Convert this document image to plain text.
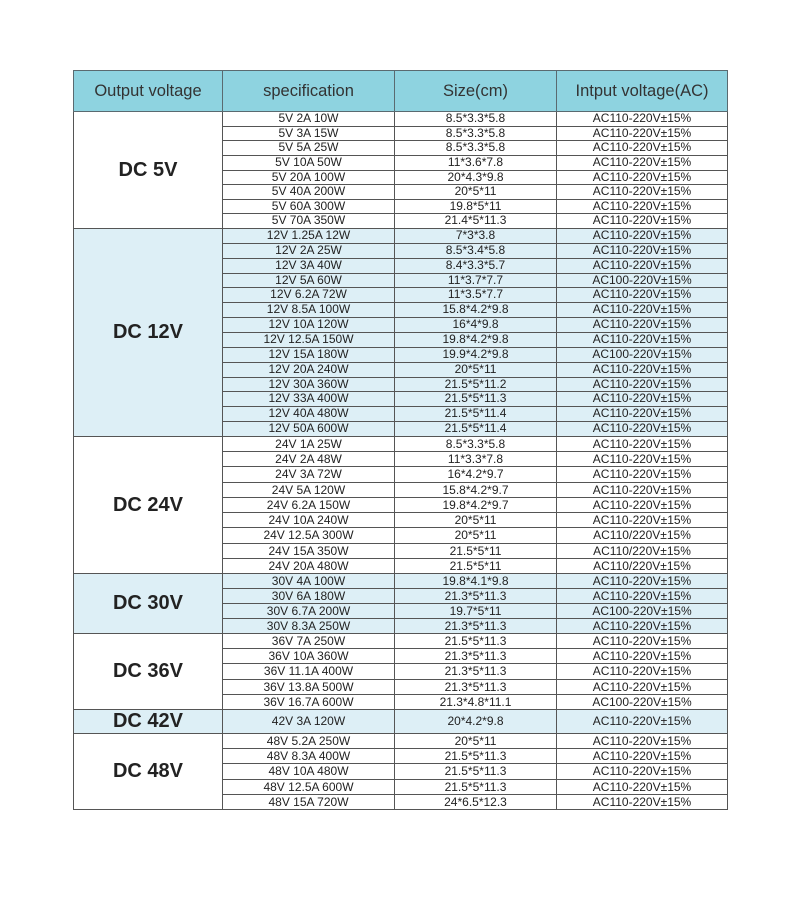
Output voltage	specification	Size(cm)	Intput voltage(AC)
DC 5V	5V 2A 10W	8.5*3.3*5.8	AC110-220V±15%
	5V 3A 15W	8.5*3.3*5.8	AC110-220V±15%
	5V 5A 25W	8.5*3.3*5.8	AC110-220V±15%
	5V 10A 50W	11*3.6*7.8	AC110-220V±15%
	5V 20A 100W	20*4.3*9.8	AC110-220V±15%
	5V 40A 200W	20*5*11	AC110-220V±15%
	5V 60A 300W	19.8*5*11	AC110-220V±15%
	5V 70A 350W	21.4*5*11.3	AC110-220V±15%
DC 12V	12V 1.25A 12W	7*3*3.8	AC110-220V±15%
	12V 2A 25W	8.5*3.4*5.8	AC110-220V±15%
	12V 3A 40W	8.4*3.3*5.7	AC110-220V±15%
	12V 5A 60W	11*3.7*7.7	AC100-220V±15%
	12V 6.2A 72W	11*3.5*7.7	AC110-220V±15%
	12V 8.5A 100W	15.8*4.2*9.8	AC110-220V±15%
	12V 10A 120W	16*4*9.8	AC110-220V±15%
	12V 12.5A 150W	19.8*4.2*9.8	AC110-220V±15%
	12V 15A 180W	19.9*4.2*9.8	AC100-220V±15%
	12V 20A 240W	20*5*11	AC110-220V±15%
	12V 30A 360W	21.5*5*11.2	AC110-220V±15%
	12V 33A 400W	21.5*5*11.3	AC110-220V±15%
	12V 40A 480W	21.5*5*11.4	AC110-220V±15%
	12V 50A 600W	21.5*5*11.4	AC110-220V±15%
DC 24V	24V 1A 25W	8.5*3.3*5.8	AC110-220V±15%
	24V 2A 48W	11*3.3*7.8	AC110-220V±15%
	24V 3A 72W	16*4.2*9.7	AC110-220V±15%
	24V 5A 120W	15.8*4.2*9.7	AC110-220V±15%
	24V 6.2A 150W	19.8*4.2*9.7	AC110-220V±15%
	24V 10A 240W	20*5*11	AC110-220V±15%
	24V 12.5A 300W	20*5*11	AC110/220V±15%
	24V 15A 350W	21.5*5*11	AC110/220V±15%
	24V 20A 480W	21.5*5*11	AC110/220V±15%
DC 30V	30V 4A 100W	19.8*4.1*9.8	AC110-220V±15%
	30V 6A 180W	21.3*5*11.3	AC110-220V±15%
	30V 6.7A 200W	19.7*5*11	AC100-220V±15%
	30V 8.3A 250W	21.3*5*11.3	AC110-220V±15%
DC 36V	36V 7A 250W	21.5*5*11.3	AC110-220V±15%
	36V 10A 360W	21.3*5*11.3	AC110-220V±15%
	36V 11.1A 400W	21.3*5*11.3	AC110-220V±15%
	36V 13.8A 500W	21.3*5*11.3	AC110-220V±15%
	36V 16.7A 600W	21.3*4.8*11.1	AC100-220V±15%
DC 42V	42V 3A 120W	20*4.2*9.8	AC110-220V±15%
DC 48V	48V 5.2A 250W	20*5*11	AC110-220V±15%
	48V 8.3A 400W	21.5*5*11.3	AC110-220V±15%
	48V 10A 480W	21.5*5*11.3	AC110-220V±15%
	48V 12.5A 600W	21.5*5*11.3	AC110-220V±15%
	48V 15A 720W	24*6.5*12.3	AC110-220V±15%
